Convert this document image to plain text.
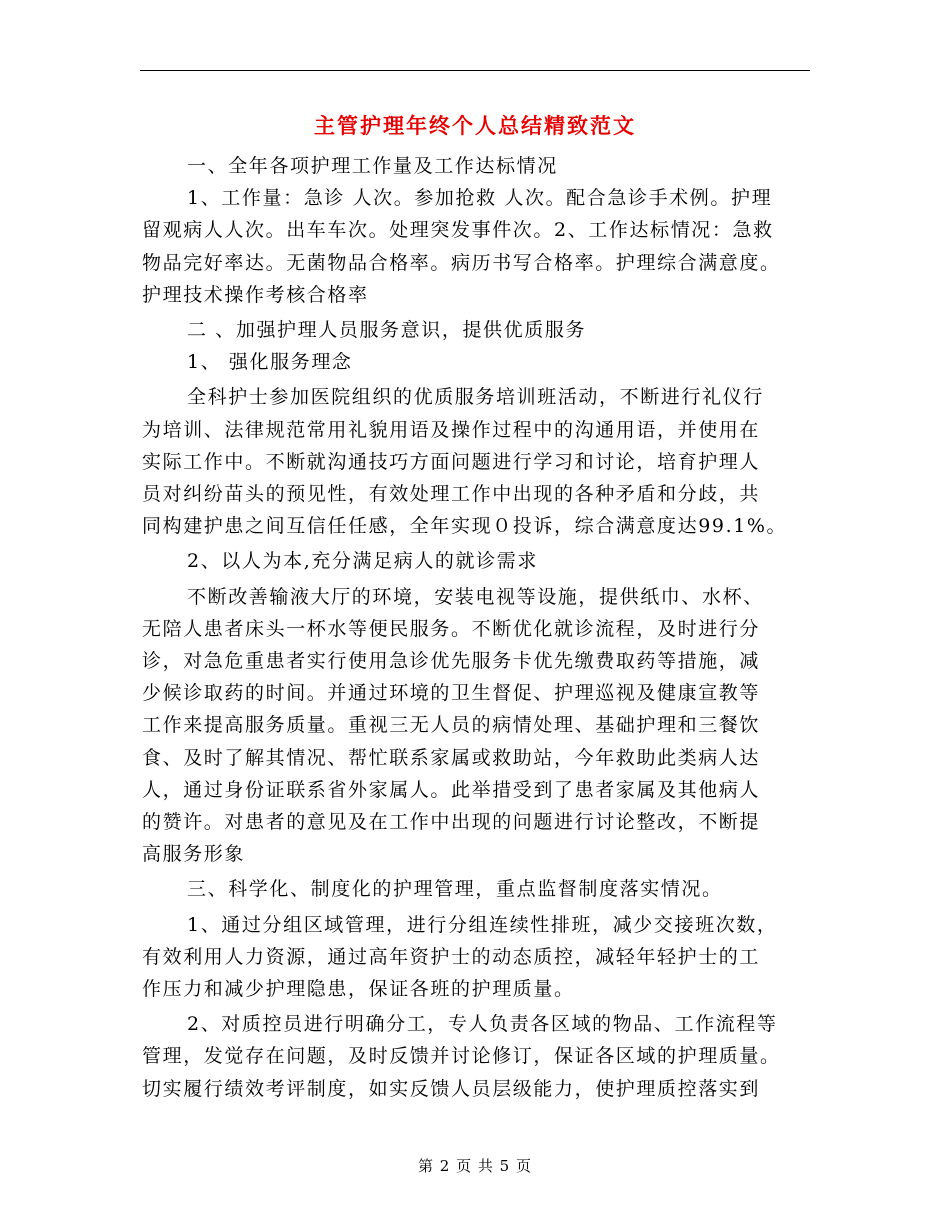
主管护理年终个人总结精致范文

一、全年各项护理工作量及工作达标情况

1、工作量：急诊 人次。参加抢救 人次。配合急诊手术例。护理

留观病人人次。出车车次。处理突发事件次。2、工作达标情况：急救

物品完好率达。无菌物品合格率。病历书写合格率。护理综合满意度。

护理技术操作考核合格率

二 、加强护理人员服务意识，提供优质服务

1、 强化服务理念

全科护士参加医院组织的优质服务培训班活动，不断进行礼仪行

为培训、法律规范常用礼貌用语及操作过程中的沟通用语，并使用在

实际工作中。不断就沟通技巧方面问题进行学习和讨论，培育护理人

员对纠纷苗头的预见性，有效处理工作中出现的各种矛盾和分歧，共

同构建护患之间互信任任感，全年实现０投诉，综合满意度达99.1%。

2、以人为本,充分满足病人的就诊需求

不断改善输液大厅的环境，安装电视等设施，提供纸巾、水杯、

无陪人患者床头一杯水等便民服务。不断优化就诊流程，及时进行分

诊，对急危重患者实行使用急诊优先服务卡优先缴费取药等措施，减

少候诊取药的时间。并通过环境的卫生督促、护理巡视及健康宣教等

工作来提高服务质量。重视三无人员的病情处理、基础护理和三餐饮

食、及时了解其情况、帮忙联系家属或救助站，今年救助此类病人达

人，通过身份证联系省外家属人。此举措受到了患者家属及其他病人

的赞许。对患者的意见及在工作中出现的问题进行讨论整改，不断提

高服务形象

三、科学化、制度化的护理管理，重点监督制度落实情况。

1、通过分组区域管理，进行分组连续性排班，减少交接班次数，

有效利用人力资源，通过高年资护士的动态质控，减轻年轻护士的工

作压力和减少护理隐患，保证各班的护理质量。

2、对质控员进行明确分工，专人负责各区域的物品、工作流程等

管理，发觉存在问题，及时反馈并讨论修订，保证各区域的护理质量。

切实履行绩效考评制度，如实反馈人员层级能力，使护理质控落实到

第 2 页 共 5 页
